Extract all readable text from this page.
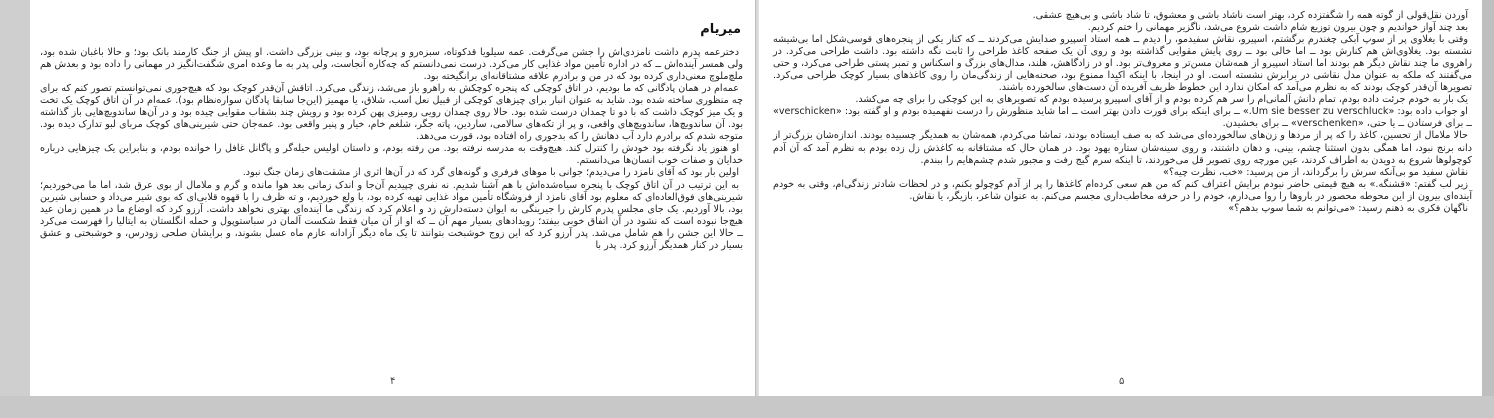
میریام

دخترعمه پدرم داشت نامزدی‌اش را جشن می‌گرفت. عمه سیلویا قدکوتاه، سبزه‌رو و پرچانه بود، و بینی بزرگی داشت. او پیش از جنگ کارمند بانک بود؛ و حالا باغبان شده بود، ولی همسر آینده‌اش ــ که در اداره تأمین مواد غذایی کار می‌کرد. درست نمی‌دانستم که چه‌کاره آنجاست، ولی پدر به ما وعده امری شگفت‌انگیز در مهمانی را داده بود و بعدش هم ملچ‌ملوچ معنی‌داری کرده بود که در من و برادرم علاقه مشتاقانه‌ای برانگیخته بود.

عمه‌ام در همان پادگانی که ما بودیم، در اتاق کوچکی که پنجره کوچکش به راهرو باز می‌شد، زندگی می‌کرد. اتاقش آن‌قدر کوچک بود که هیچ‌جوری نمی‌توانستم تصور کنم که برای چه منظوری ساخته شده بود. شاید به عنوان انبار برای چیزهای کوچکی از قبیل نعل اسب، شلاق، یا مهمیز (این‌جا سابقا پادگان سواره‌نظام بود). عمه‌ام در آن اتاق کوچک یک تخت و یک میز کوچک داشت که با دو تا چمدان درست شده بود. حالا روی چمدان رویی رومیزی پهن کرده بود و رویش چند بشقاب مقوایی چیده بود و در آن‌ها ساندویچ‌هایی باز گذاشته بود. آن ساندویچ‌ها، ساندویچ‌های واقعی، و پر از تکه‌های سالامی، ساردین، پاته جگر، شلغم خام، خیار و پنیر واقعی بود. عمه‌جان حتی شیرینی‌های کوچک مربای لبو تدارک دیده بود. متوجه شدم که برادرم دارد آب دهانش را که بدجوری راه افتاده بود، قورت می‌دهد.

او هنوز یاد نگرفته بود خودش را کنترل کند. هیچ‌وقت به مدرسه نرفته بود. من رفته بودم، و داستان اولیس حیله‌گر و پاگانل غافل را خوانده بودم، و بنابراین یک چیزهایی درباره خدایان و صفات خوب انسان‌ها می‌دانستم.

اولین بار بود که آقای نامزد را می‌دیدم؛ جوانی با موهای فرفری و گونه‌های گرد که در آن‌ها اثری از مشقت‌های زمان جنگ نبود.

به این ترتیب در آن اتاق کوچک با پنجره سیاه‌شده‌اش با هم آشنا شدیم. نه نفری چپیدیم آن‌جا و اندک زمانی بعد هوا مانده و گرم و ملامال از بوی عرق شد، اما ما می‌خوردیم؛ شیرینی‌های فوق‌العاده‌ای که معلوم بود آقای نامزد از فروشگاه تأمین مواد غذایی تهیه کرده بود، با ولع خوردیم، و ته ظرف را با قهوه قلابی‌ای که بوی شیر می‌داد و حسابی شیرین بود، بالا آوردیم. یک جای مجلس پدرم کارش را جیرینگی به ایوان دسته‌دارش زد و اعلام کرد که زندگی ما آینده‌ای بهتری نخواهد داشت. آرزو کرد که اوضاع ما در همین زمان عید هیچ‌جا نبوده است که نشود در آن اتفاق خوبی بیفتد؛ رویدادهای بسیار مهم آن ــ که او از آن میان فقط شکست آلمان در سباستوپول و حمله انگلستان به ایتالیا را فهرست می‌کرد ــ حالا این جشن را هم شامل می‌شد. پدر آرزو کرد که این زوج خوشبخت بتوانند تا یک ماه دیگر آزادانه عازم ماه عسل بشوند، و برایشان صلحی زودرس، و خوشبختی و عشق بسیار در کنار همدیگر آرزو کرد. پدر با

۴

آوردن نقل‌قولی از گوته همه را شگفتزده کرد، بهتر است ناشاد باشی و معشوق، تا شاد باشی و بی‌هیچ عشقی.

بعد چند آواز خواندیم و چون بیرون توزیع شام داشت شروع می‌شد، ناگزیر مهمانی را ختم کردیم.

وقتی با یغلاوی پر از سوپ آبکی چغندرم برگشتم، اسپیرو، نقاش سفیدمو، را دیدم ــ همه استاد اسپیرو صدایش می‌کردند ــ که کنار یکی از پنجره‌های قوسی‌شکل اما بی‌شیشه نشسته بود. یغلاوی‌اش هم کنارش بود ــ اما خالی بود ــ روی پایش مقوایی گذاشته بود و روی آن یک صفحه کاغذ طراحی را ثابت نگه داشته بود. داشت طراحی می‌کرد. در راهروی ما چند نقاش دیگر هم بودند اما استاد اسپیرو از همه‌شان مسن‌تر و معروف‌تر بود. او در زادگاهش، هلند، مدال‌های بزرگ و اسکناس و تمبر پستی طراحی می‌کرد، و حتی می‌گفتند که ملکه به عنوان مدل نقاشی در برابرش نشسته است. او در اینجا، با اینکه اکیدا ممنوع بود، صحنه‌هایی از زندگی‌مان را روی کاغذهای بسیار کوچک طراحی می‌کرد. تصویرها آن‌قدر کوچک بودند که به نظرم می‌آمد که امکان ندارد این خطوط ظریف آفریده آن دست‌های سالخورده باشند.

یک بار به خودم جرئت داده بودم، تمام دانش آلمانی‌ام را سر هم کرده بودم و از آقای اسپیرو پرسیده بودم که تصویرهای به این کوچکی را برای چه می‌کشد.

او جواب داده بود: «Um sie besser zu verschluck.» ــ برای اینکه برای قورت دادن بهتر است ــ اما شاید منظورش را درست نفهمیده بودم و او گفته بود: «verschicken» ــ برای فرستادن ــ یا حتی، «verschenken» ــ برای بخشیدن.

حالا ملامال از تحسین، کاغذ را که پر از مردها و زن‌های سالخورده‌ای می‌شد که به صف ایستاده بودند، تماشا می‌کردم، همه‌شان به همدیگر چسبیده بودند. اندازه‌شان بزرگ‌تر از دانه برنج نبود، اما همگی بدون استثنا چشم، بینی، و دهان داشتند، و روی سینه‌شان ستاره یهود بود. در همان حال که مشتاقانه به کاغذش زل زده بودم به نظرم آمد که آن آدم کوچولوها شروع به دویدن به اطراف کردند، عین مورچه روی تصویر قل می‌خوردند، تا اینکه سرم گیج رفت و مجبور شدم چشم‌هایم را ببندم.

نقاش سفید مو بی‌آنکه سرش را برگرداند، از من پرسید: «خب، نظرت چیه؟»

زیر لب گفتم: «قشنگه.» به هیچ قیمتی حاضر نبودم برایش اعتراف کنم که من هم سعی کرده‌ام کاغذها را پر از آدم کوچولو بکنم، و در لحظات شادتر زندگی‌ام، وقتی به خودم آینده‌ای بیرون از این محوطه محصور در باروها را روا می‌دارم، خودم را در حرفه مخاطب‌داری مجسم می‌کنم. به عنوان شاعر، بازیگر، یا نقاش.

ناگهان فکری به ذهنم رسید: «می‌توانم به شما سوپ بدهم؟»

۵
